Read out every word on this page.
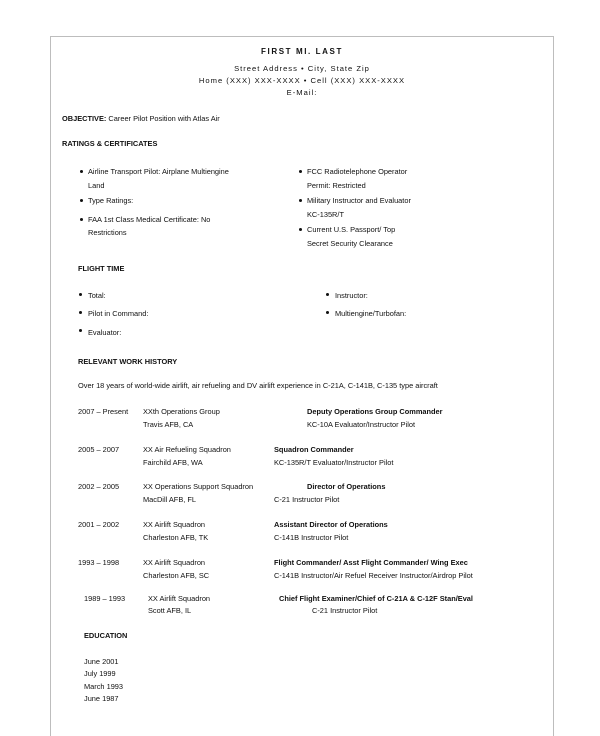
FIRST MI. LAST
Street Address • City, State Zip
Home (XXX) XXX-XXXX • Cell (XXX) XXX-XXXX
E-Mail:
OBJECTIVE: Career Pilot Position with Atlas Air
RATINGS & CERTIFICATES
Airline Transport Pilot: Airplane Multiengine
Land
Type Ratings:
FAA 1st Class Medical Certificate: No
Restrictions
FCC Radiotelephone Operator
Permit: Restricted
Military Instructor and Evaluator
KC-135R/T
Current U.S. Passport/ Top
Secret Security Clearance
FLIGHT TIME
Total:
Pilot in Command:
Evaluator:
Instructor:
Multiengine/Turbofan:
RELEVANT WORK HISTORY
Over 18 years of world-wide airlift, air refueling and DV airlift experience in C-21A, C-141B, C-135 type aircraft
2007 – Present XXth Operations Group
Travis AFB, CA
Deputy Operations Group Commander
KC-10A Evaluator/Instructor Pilot
2005 – 2007	XX Air Refueling Squadron
Fairchild AFB, WA
Squadron Commander
KC-135R/T Evaluator/Instructor Pilot
2002 – 2005	XX Operations Support Squadron
MacDill AFB, FL
Director of Operations
C-21 Instructor Pilot
2001 – 2002	XX Airlift Squadron
Charleston AFB, TK
Assistant Director of Operations
C-141B Instructor Pilot
1993 – 1998	XX Airlift Squadron
Charleston AFB, SC
Flight Commander/ Asst Flight Commander/ Wing Exec
C-141B Instructor/Air Refuel Receiver Instructor/Airdrop Pilot
1989 – 1993	XX Airlift Squadron
Scott AFB, IL
Chief Flight Examiner/Chief of C-21A & C-12F Stan/Eval
C-21 Instructor Pilot
EDUCATION
June 2001
July 1999
March 1993
June 1987
